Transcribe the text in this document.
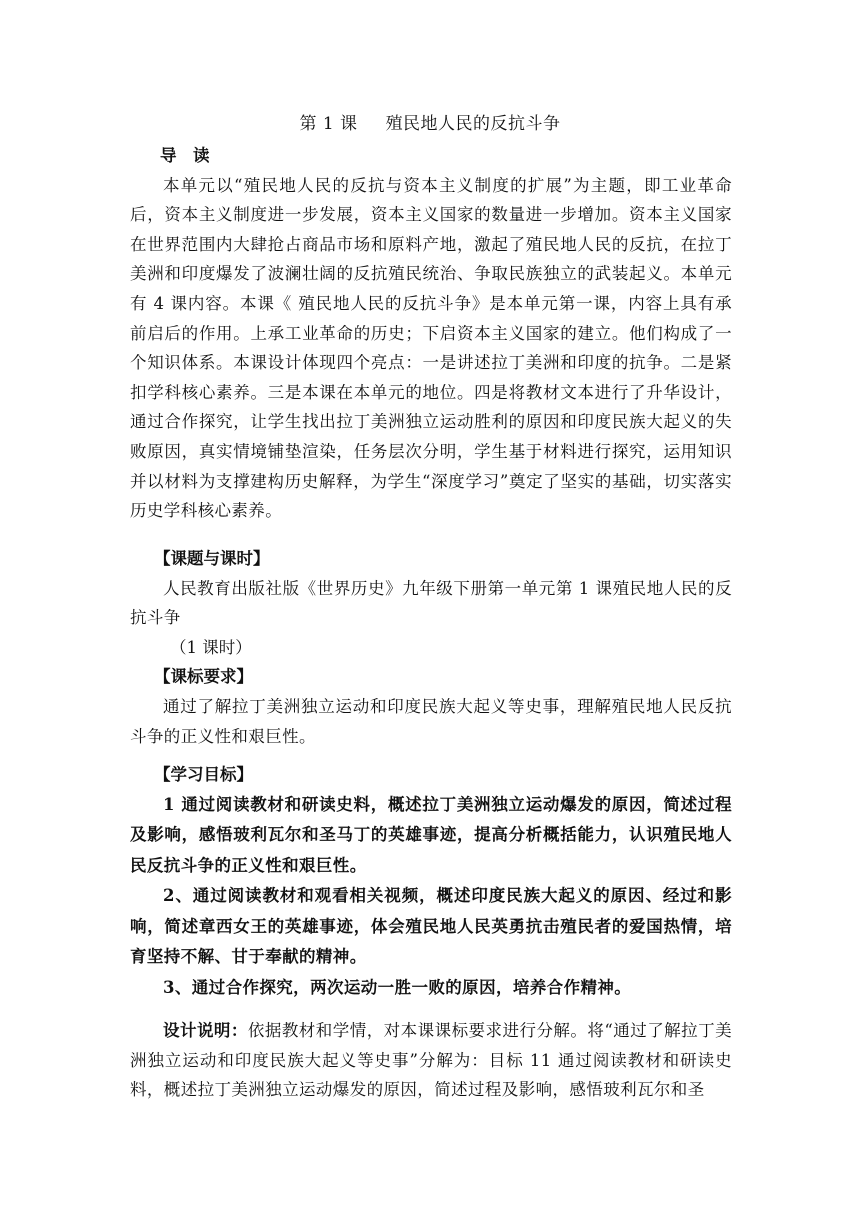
第 1 课 殖民地人民的反抗斗争

导　读

本单元以“殖民地人民的反抗与资本主义制度的扩展”为主题，即工业革命后，资本主义制度进一步发展，资本主义国家的数量进一步增加。资本主义国家在世界范围内大肆抢占商品市场和原料产地，激起了殖民地人民的反抗，在拉丁美洲和印度爆发了波澜壮阔的反抗殖民统治、争取民族独立的武装起义。本单元有 4 课内容。本课《 殖民地人民的反抗斗争》是本单元第一课，内容上具有承前启后的作用。上承工业革命的历史；下启资本主义国家的建立。他们构成了一个知识体系。本课设计体现四个亮点：一是讲述拉丁美洲和印度的抗争。二是紧扣学科核心素养。三是本课在本单元的地位。四是将教材文本进行了升华设计，通过合作探究，让学生找出拉丁美洲独立运动胜利的原因和印度民族大起义的失败原因，真实情境铺垫渲染，任务层次分明，学生基于材料进行探究，运用知识并以材料为支撑建构历史解释，为学生“深度学习”奠定了坚实的基础，切实落实历史学科核心素养。

【课题与课时】

人民教育出版社版《世界历史》九年级下册第一单元第 1 课殖民地人民的反抗斗争

（1 课时）

【课标要求】

通过了解拉丁美洲独立运动和印度民族大起义等史事，理解殖民地人民反抗斗争的正义性和艰巨性。

【学习目标】

1 通过阅读教材和研读史料，概述拉丁美洲独立运动爆发的原因，简述过程及影响，感悟玻利瓦尔和圣马丁的英雄事迹，提高分析概括能力，认识殖民地人民反抗斗争的正义性和艰巨性。

2、通过阅读教材和观看相关视频，概述印度民族大起义的原因、经过和影响，简述章西女王的英雄事迹，体会殖民地人民英勇抗击殖民者的爱国热情，培育坚持不解、甘于奉献的精神。

3、通过合作探究，两次运动一胜一败的原因，培养合作精神。

设计说明：依据教材和学情，对本课课标要求进行分解。将“通过了解拉丁美洲独立运动和印度民族大起义等史事”分解为：目标 11 通过阅读教材和研读史料，概述拉丁美洲独立运动爆发的原因，简述过程及影响，感悟玻利瓦尔和圣
